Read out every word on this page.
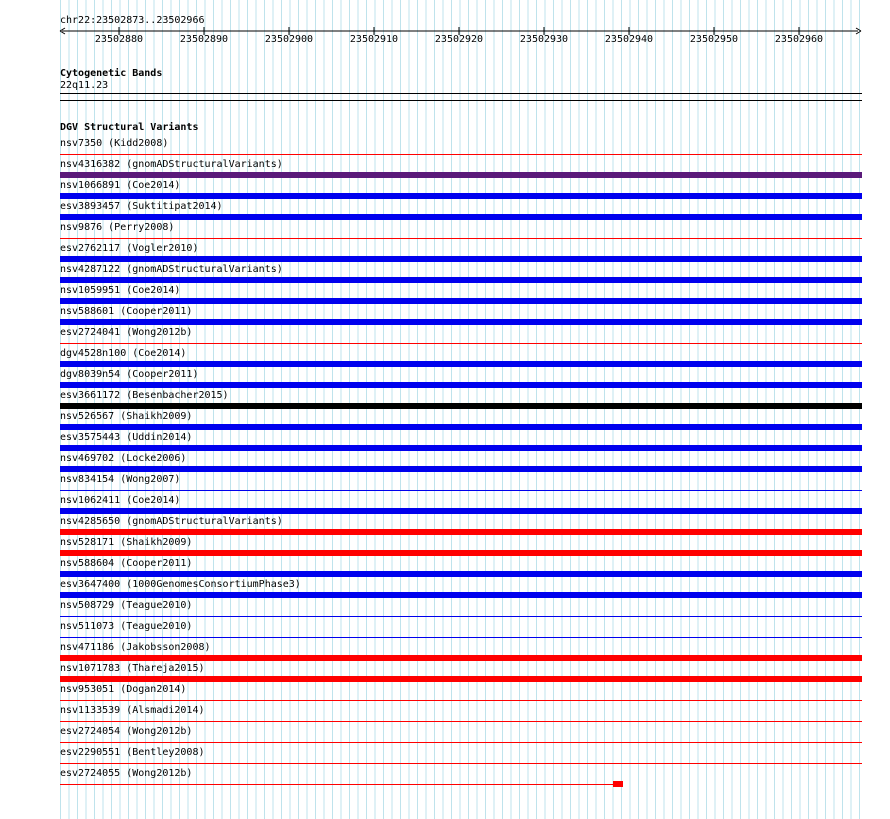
chr22:23502873..23502966
23502880	23502890	23502900	23502910	23502920	23502930	23502940	23502950	23502960
Cytogenetic Bands
22q11.23
DGV Structural Variants
nsv7350 (Kidd2008)
nsv4316382 (gnomADStructuralVariants)
nsv1066891 (Coe2014)
esv3893457 (Suktitipat2014)
nsv9876 (Perry2008)
esv2762117 (Vogler2010)
nsv4287122 (gnomADStructuralVariants)
nsv1059951 (Coe2014)
nsv588601 (Cooper2011)
esv2724041 (Wong2012b)
dgv4528n100 (Coe2014)
dgv8039n54 (Cooper2011)
esv3661172 (Besenbacher2015)
nsv526567 (Shaikh2009)
esv3575443 (Uddin2014)
nsv469702 (Locke2006)
nsv834154 (Wong2007)
nsv1062411 (Coe2014)
nsv4285650 (gnomADStructuralVariants)
nsv528171 (Shaikh2009)
nsv588604 (Cooper2011)
esv3647400 (1000GenomesConsortiumPhase3)
nsv508729 (Teague2010)
nsv511073 (Teague2010)
nsv471186 (Jakobsson2008)
nsv1071783 (Thareja2015)
nsv953051 (Dogan2014)
nsv1133539 (Alsmadi2014)
esv2724054 (Wong2012b)
esv2290551 (Bentley2008)
esv2724055 (Wong2012b)
